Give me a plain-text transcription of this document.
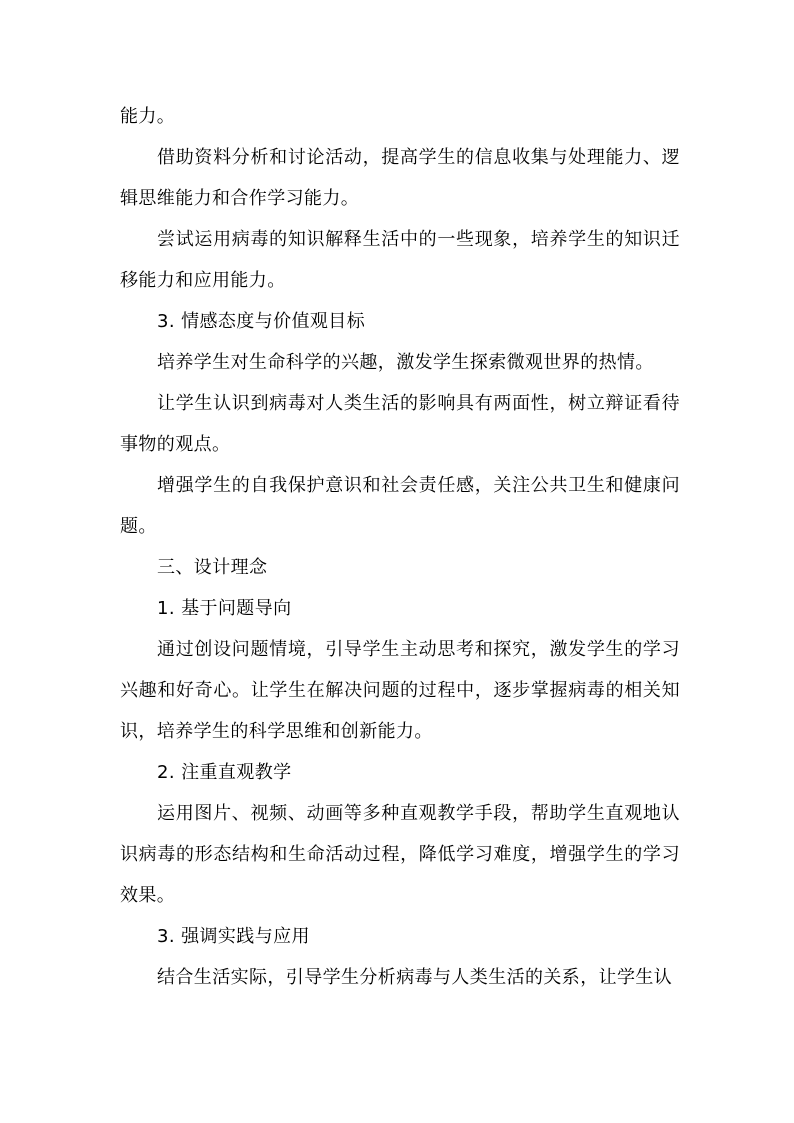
能力。

借助资料分析和讨论活动，提高学生的信息收集与处理能力、逻辑思维能力和合作学习能力。

尝试运用病毒的知识解释生活中的一些现象，培养学生的知识迁移能力和应用能力。

3. 情感态度与价值观目标

培养学生对生命科学的兴趣，激发学生探索微观世界的热情。

让学生认识到病毒对人类生活的影响具有两面性，树立辩证看待事物的观点。

增强学生的自我保护意识和社会责任感，关注公共卫生和健康问题。

三、设计理念

1. 基于问题导向

通过创设问题情境，引导学生主动思考和探究，激发学生的学习兴趣和好奇心。让学生在解决问题的过程中，逐步掌握病毒的相关知识，培养学生的科学思维和创新能力。

2. 注重直观教学

运用图片、视频、动画等多种直观教学手段，帮助学生直观地认识病毒的形态结构和生命活动过程，降低学习难度，增强学生的学习效果。

3. 强调实践与应用

结合生活实际，引导学生分析病毒与人类生活的关系，让学生认
